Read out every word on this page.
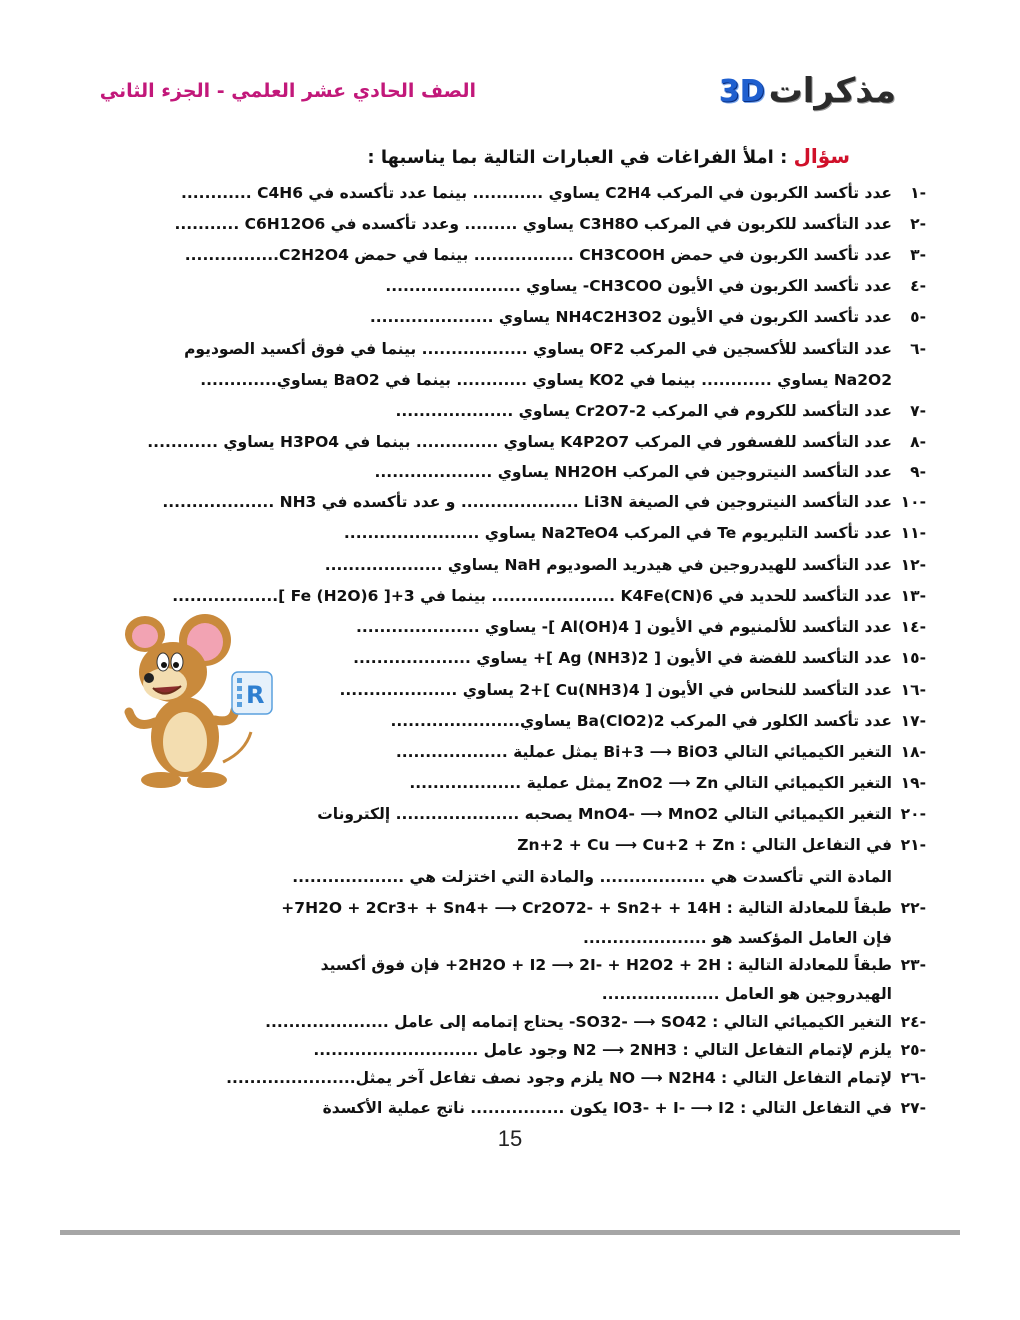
مذكرات
3D
الصف الحادي عشر العلمي - الجزء الثاني
سؤال : املأ الفراغات في العبارات التالية بما يناسبها :
-١
عدد تأكسد الكربون في المركب C2H4 يساوي ............ بينما عدد تأكسده في C4H6 ............
-٢
عدد التأكسد للكربون في المركب C3H8O يساوي ......... وعدد تأكسده في C6H12O6 ...........
-٣
عدد تأكسد الكربون في حمض CH3COOH ................. بينما في حمض C2H2O4................
-٤
عدد تأكسد الكربون في الأيون CH3COO- يساوي .......................
-٥
عدد تأكسد الكربون في الأيون NH4C2H3O2 يساوي .....................
-٦
عدد التأكسد للأكسجين في المركب OF2 يساوي .................. بينما في فوق أكسيد الصوديوم
Na2O2 يساوي ............ بينما في KO2 يساوي ............ بينما في BaO2 يساوي.............
-٧
عدد التأكسد للكروم في المركب Cr2O7-2 يساوي ....................
-٨
عدد التأكسد للفسفور في المركب K4P2O7 يساوي .............. بينما في H3PO4 يساوي ............
-٩
عدد التأكسد النيتروجين في المركب NH2OH يساوي ....................
-١٠
عدد التأكسد النيتروجين في الصيغة Li3N .................... و عدد تأكسده في NH3 ...................
-١١
عدد تأكسد التليريوم Te في المركب Na2TeO4 يساوي .......................
-١٢
عدد التأكسد للهيدروجين في هيدريد الصوديوم NaH يساوي ....................
-١٣
عدد التأكسد للحديد في K4Fe(CN)6 ..................... بينما في Fe (H2O)6 ]+3 ]..................
-١٤
عدد التأكسد للألمنيوم في الأيون [ Al(OH)4 ]- يساوي .....................
-١٥
عدد التأكسد للفضة في الأيون [ Ag (NH3)2 ]+ يساوي ....................
-١٦
عدد التأكسد للنحاس في الأيون [ Cu(NH3)4 ]+2 يساوي ....................
-١٧
عدد تأكسد الكلور في المركب Ba(ClO2)2 يساوي......................
-١٨
التغير الكيميائي التالي Bi+3 ⟶ BiO3 يمثل عملية ...................
-١٩
التغير الكيميائي التالي ZnO2 ⟶ Zn يمثل عملية ...................
-٢٠
التغير الكيميائي التالي MnO4- ⟶ MnO2 يصحبه ..................... إلكترونات
-٢١
في التفاعل التالي : Zn+2 + Cu ⟶ Cu+2 + Zn
المادة التي تأكسدت هي .................. والمادة التي اختزلت هي ...................
-٢٢
طبقاً للمعادلة التالية : 7H2O + 2Cr3+ + Sn4+ ⟶ Cr2O72- + Sn2+ + 14H+
فإن العامل المؤكسد هو .....................
-٢٣
طبقاً للمعادلة التالية : 2H2O + I2 ⟶ 2I- + H2O2 + 2H+ فإن فوق أكسيد
الهيدروجين هو العامل ....................
-٢٤
التغير الكيميائي التالي : SO32- ⟶ SO42- يحتاج إتمامه إلى عامل .....................
-٢٥
يلزم لإتمام التفاعل التالي : N2 ⟶ 2NH3 وجود عامل ............................
-٢٦
لإتمام التفاعل التالي : NO ⟶ N2H4 يلزم وجود نصف تفاعل آخر يمثل......................
-٢٧
في التفاعل التالي : IO3- + I- ⟶ I2 يكون ................ ناتج عملية الأكسدة
R
15
